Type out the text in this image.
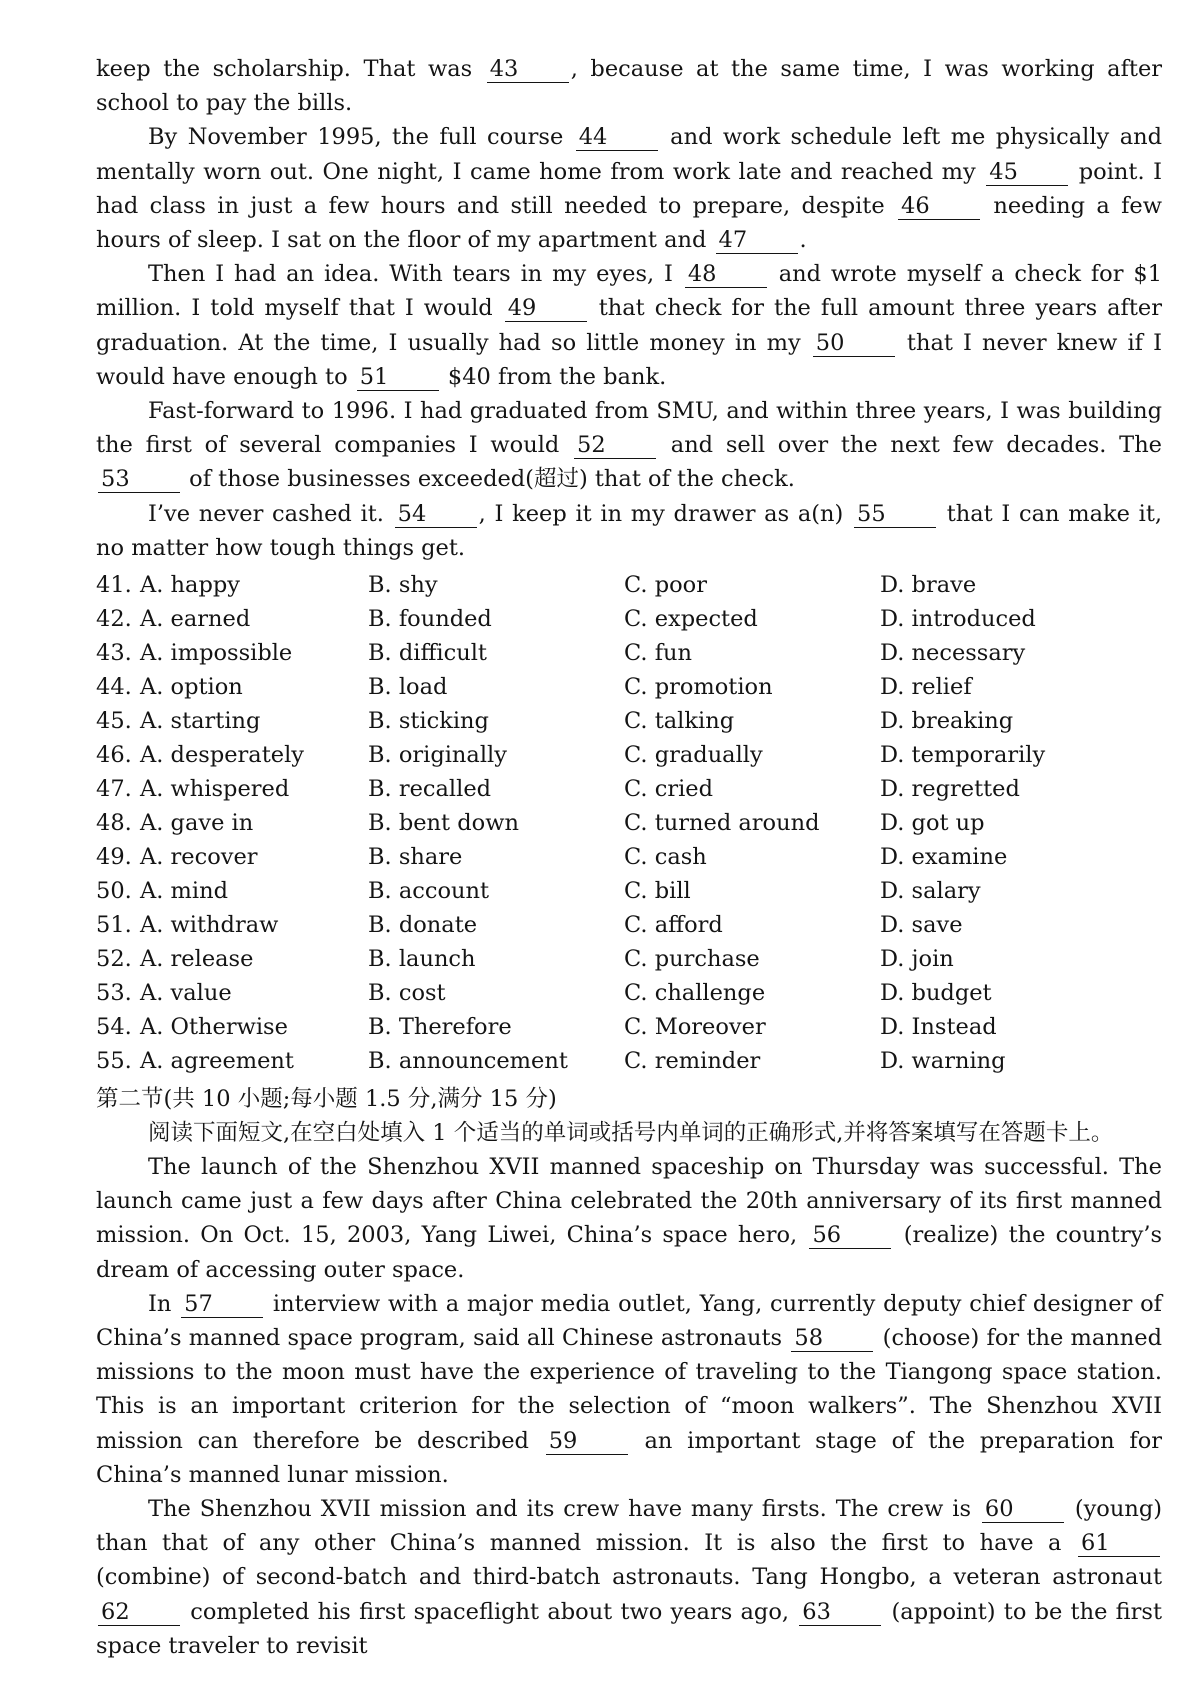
keep the scholarship. That was 43 , because at the same time, I was working after school to pay the bills.

By November 1995, the full course 44	and work schedule left me physically and mentally worn out. One night, I came home from work late and reached my 45	point. I had class in just a few hours and still needed to prepare, despite 46	needing a few hours of sleep. I sat on the floor of my apartment and 47 .

Then I had an idea. With tears in my eyes, I 48	and wrote myself a check for $1 million. I told myself that I would 49	that check for the full amount three years after graduation. At the time, I usually had so little money in my 50	that I never knew if I would have enough to 51	$40 from the bank.

Fast-forward to 1996. I had graduated from SMU, and within three years, I was building the first of several companies I would 52	and sell over the next few decades. The 53	of those businesses exceeded(超过) that of the check.

I’ve never cashed it. 54 , I keep it in my drawer as a(n) 55	that I can make it, no matter how tough things get.

41. A. happy	B. shy	C. poor	D. brave
42. A. earned	B. founded	C. expected	D. introduced
43. A. impossible	B. difficult	C. fun	D. necessary
44. A. option	B. load	C. promotion	D. relief
45. A. starting	B. sticking	C. talking	D. breaking
46. A. desperately	B. originally	C. gradually	D. temporarily
47. A. whispered	B. recalled	C. cried	D. regretted
48. A. gave in	B. bent down	C. turned around	D. got up
49. A. recover	B. share	C. cash	D. examine
50. A. mind	B. account	C. bill	D. salary
51. A. withdraw	B. donate	C. afford	D. save
52. A. release	B. launch	C. purchase	D. join
53. A. value	B. cost	C. challenge	D. budget
54. A. Otherwise	B. Therefore	C. Moreover	D. Instead
55. A. agreement	B. announcement	C. reminder	D. warning

第二节(共 10 小题;每小题 1.5 分,满分 15 分)

阅读下面短文,在空白处填入 1 个适当的单词或括号内单词的正确形式,并将答案填写在答题卡上。

The launch of the Shenzhou XVII manned spaceship on Thursday was successful. The launch came just a few days after China celebrated the 20th anniversary of its first manned mission. On Oct. 15, 2003, Yang Liwei, China’s space hero, 56	(realize) the country’s dream of accessing outer space.

In 57	interview with a major media outlet, Yang, currently deputy chief designer of China’s manned space program, said all Chinese astronauts 58	(choose) for the manned missions to the moon must have the experience of traveling to the Tiangong space station. This is an important criterion for the selection of “moon walkers”. The Shenzhou XVII mission can therefore be described 59	an important stage of the preparation for China’s manned lunar mission.

The Shenzhou XVII mission and its crew have many firsts. The crew is 60	(young) than that of any other China’s manned mission. It is also the first to have a 61 (combine) of second-batch and third-batch astronauts. Tang Hongbo, a veteran astronaut 62	completed his first spaceflight about two years ago, 63	(appoint) to be the first space traveler to revisit
